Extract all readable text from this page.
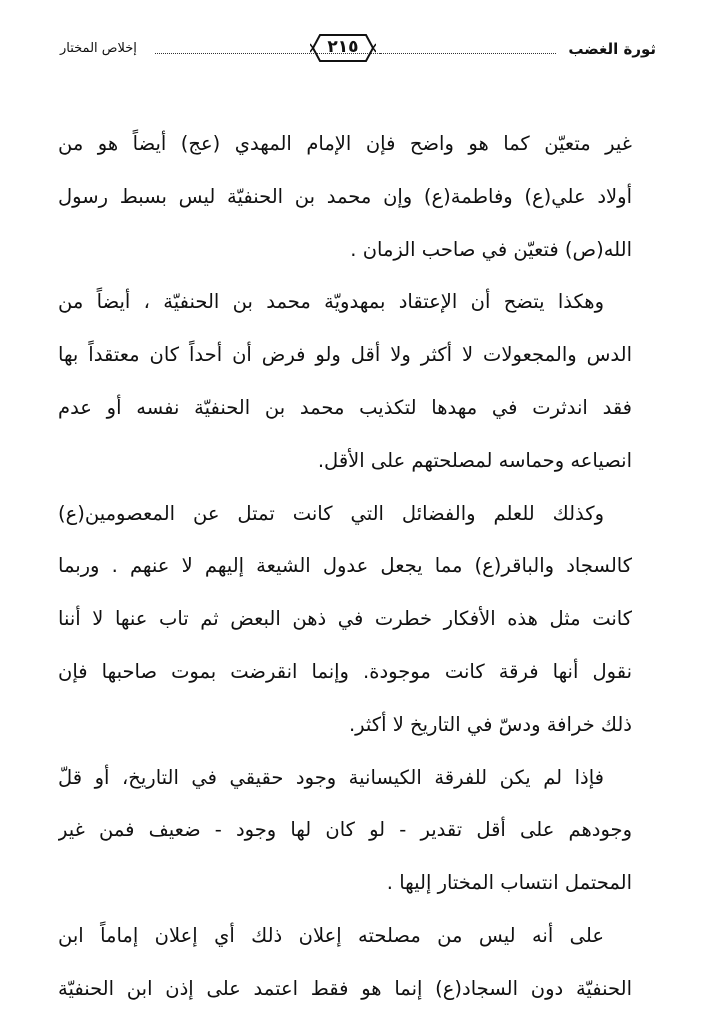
ثورة الغضب
إخلاص المختار	٢١٥
غير متعيّن كما هو واضح فإن الإمام المهدي (عج) أيضاً هو من
أولاد علي(ع) وفاطمة(ع) وإن محمد بن الحنفيّة ليس بسبط رسول
الله(ص) فتعيّن في صاحب الزمان .
وهكذا يتضح أن الإعتقاد بمهدويّة محمد بن الحنفيّة ، أيضاً من
الدس والمجعولات لا أكثر ولا أقل ولو فرض أن أحداً كان معتقداً بها
فقد اندثرت في مهدها لتكذيب محمد بن الحنفيّة نفسه أو عدم
انصياعه وحماسه لمصلحتهم على الأقل.
وكذلك للعلم والفضائل التي كانت تمتل عن المعصومين(ع)
كالسجاد والباقر(ع) مما يجعل عدول الشيعة إليهم لا عنهم . وربما
كانت مثل هذه الأفكار خطرت في ذهن البعض ثم تاب عنها لا أننا
نقول أنها فرقة كانت موجودة. وإنما انقرضت بموت صاحبها فإن
ذلك خرافة ودسّ في التاريخ لا أكثر.
فإذا لم يكن للفرقة الكيسانية وجود حقيقي في التاريخ، أو قلّ
وجودهم على أقل تقدير - لو كان لها وجود - ضعيف فمن غير
المحتمل انتساب المختار إليها .
على أنه ليس من مصلحته إعلان ذلك أي إعلان إماماً ابن
الحنفيّة دون السجاد(ع) إنما هو فقط اعتمد على إذن ابن الحنفيّة
